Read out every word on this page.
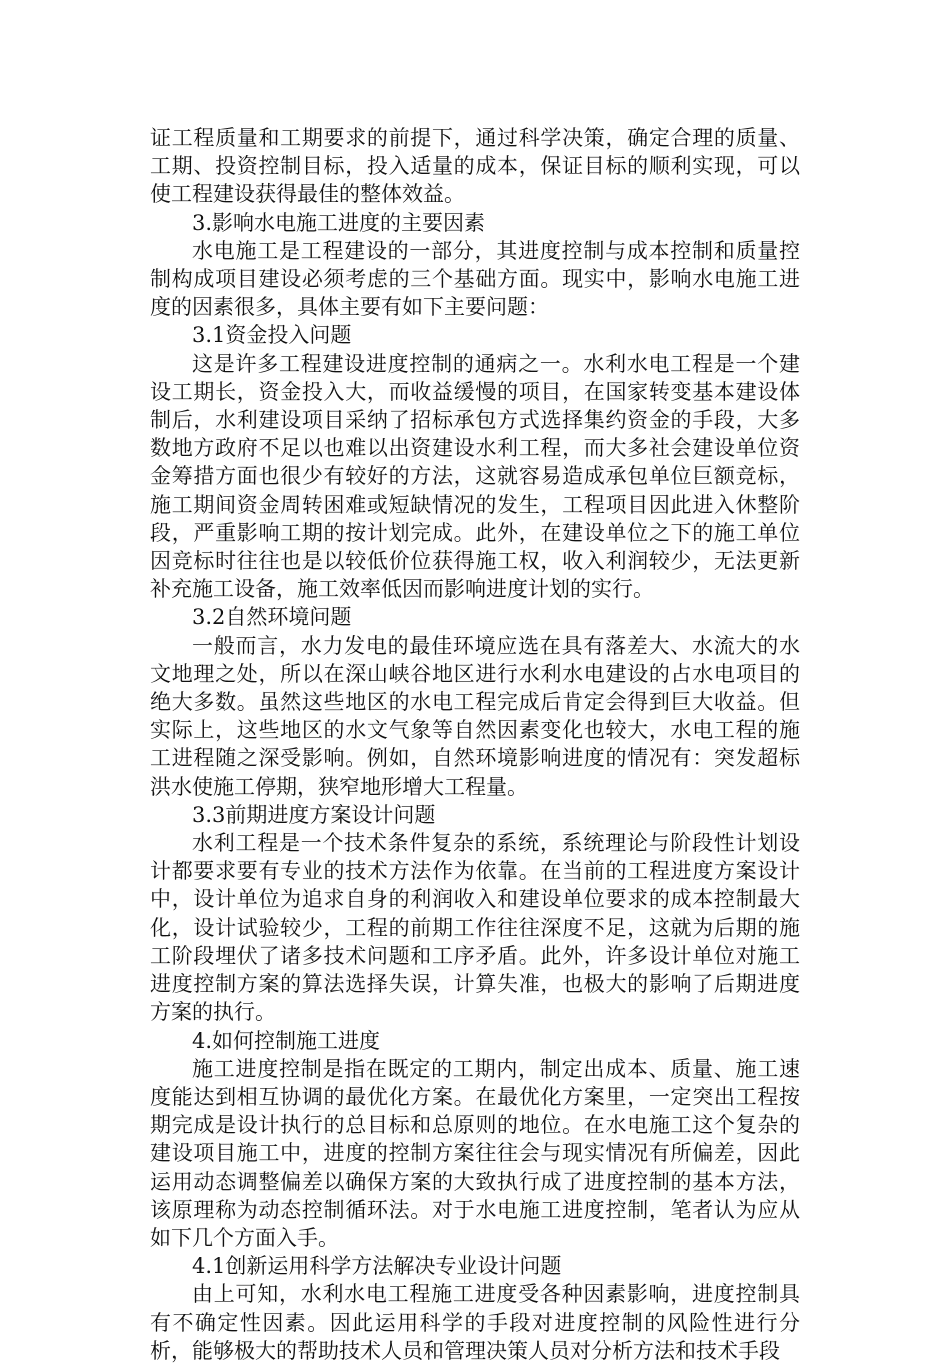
证工程质量和工期要求的前提下，通过科学决策，确定合理的质量、工期、投资控制目标，投入适量的成本，保证目标的顺利实现，可以使工程建设获得最佳的整体效益。

3.影响水电施工进度的主要因素

水电施工是工程建设的一部分，其进度控制与成本控制和质量控制构成项目建设必须考虑的三个基础方面。现实中，影响水电施工进度的因素很多，具体主要有如下主要问题：

3.1资金投入问题

这是许多工程建设进度控制的通病之一。水利水电工程是一个建设工期长，资金投入大，而收益缓慢的项目，在国家转变基本建设体制后，水利建设项目采纳了招标承包方式选择集约资金的手段，大多数地方政府不足以也难以出资建设水利工程，而大多社会建设单位资金筹措方面也很少有较好的方法，这就容易造成承包单位巨额竞标，施工期间资金周转困难或短缺情况的发生，工程项目因此进入休整阶段，严重影响工期的按计划完成。此外，在建设单位之下的施工单位因竞标时往往也是以较低价位获得施工权，收入利润较少，无法更新补充施工设备，施工效率低因而影响进度计划的实行。

3.2自然环境问题

一般而言，水力发电的最佳环境应选在具有落差大、水流大的水文地理之处，所以在深山峡谷地区进行水利水电建设的占水电项目的绝大多数。虽然这些地区的水电工程完成后肯定会得到巨大收益。但实际上，这些地区的水文气象等自然因素变化也较大，水电工程的施工进程随之深受影响。例如，自然环境影响进度的情况有：突发超标洪水使施工停期，狭窄地形增大工程量。

3.3前期进度方案设计问题

水利工程是一个技术条件复杂的系统，系统理论与阶段性计划设计都要求要有专业的技术方法作为依靠。在当前的工程进度方案设计中，设计单位为追求自身的利润收入和建设单位要求的成本控制最大化，设计试验较少，工程的前期工作往往深度不足，这就为后期的施工阶段埋伏了诸多技术问题和工序矛盾。此外，许多设计单位对施工进度控制方案的算法选择失误，计算失准，也极大的影响了后期进度方案的执行。

4.如何控制施工进度

施工进度控制是指在既定的工期内，制定出成本、质量、施工速度能达到相互协调的最优化方案。在最优化方案里，一定突出工程按期完成是设计执行的总目标和总原则的地位。在水电施工这个复杂的建设项目施工中，进度的控制方案往往会与现实情况有所偏差，因此运用动态调整偏差以确保方案的大致执行成了进度控制的基本方法，该原理称为动态控制循环法。对于水电施工进度控制，笔者认为应从如下几个方面入手。

4.1创新运用科学方法解决专业设计问题

由上可知，水利水电工程施工进度受各种因素影响，进度控制具有不确定性因素。因此运用科学的手段对进度控制的风险性进行分析，能够极大的帮助技术人员和管理决策人员对分析方法和技术手段
